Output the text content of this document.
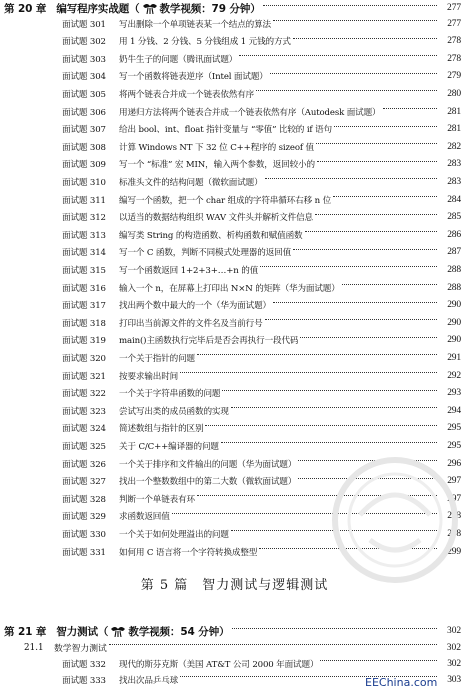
第 20 章 编写程序实战题（ 教学视频：79 分钟）	277
面试题 301	写出删除一个单项链表某一个结点的算法	277
面试题 302	用 1 分钱、2 分钱、5 分钱组成 1 元钱的方式	278
面试题 303	奶牛生子的问题（腾讯面试题）	278
面试题 304	写一个函数将链表逆序（Intel 面试题）	279
面试题 305	将两个链表合并成一个链表依然有序	280
面试题 306	用递归方法将两个链表合并成一个链表依然有序（Autodesk 面试题）	281
面试题 307	给出 bool、int、float 指针变量与 “零值” 比较的 if 语句	281
面试题 308	计算 Windows NT 下 32 位 C++程序的 sizeof 值	282
面试题 309	写一个 “标准” 宏 MIN，输入两个参数，返回较小的	283
面试题 310	标准头文件的结构问题（微软面试题）	283
面试题 311	编写一个函数，把一个 char 组成的字符串循环右移 n 位	284
面试题 312	以适当的数据结构组织 WAV 文件头并解析文件信息	285
面试题 313	编写类 String 的构造函数、析构函数和赋值函数	286
面试题 314	写一个 C 函数，判断不同模式处理器的返回值	287
面试题 315	写一个函数返回 1+2+3+…+n 的值	288
面试题 316	输入一个 n，在屏幕上打印出 N×N 的矩阵（华为面试题）	288
面试题 317	找出两个数中最大的一个（华为面试题）	290
面试题 318	打印出当前源文件的文件名及当前行号	290
面试题 319	main()主函数执行完毕后是否会再执行一段代码	290
面试题 320	一个关于指针的问题	291
面试题 321	按要求输出时间	292
面试题 322	一个关于字符串函数的问题	293
面试题 323	尝试写出类的成员函数的实现	294
面试题 324	简述数组与指针的区别	295
面试题 325	关于 C/C++编译器的问题	295
面试题 326	一个关于排序和文件输出的问题（华为面试题）	296
面试题 327	找出一个整数数组中的第二大数（微软面试题）	297
面试题 328	判断一个单链表有环	297
面试题 329	求函数返回值	298
面试题 330	一个关于如何处理溢出的问题	298
面试题 331	如何用 C 语言将一个字符转换成整型	299
第 5 篇 智力测试与逻辑测试
第 21 章 智力测试（ 教学视频：54 分钟）	302
21.1	数学智力测试	302
面试题 332	现代的斯芬克斯（美国 AT&T 公司 2000 年面试题）	302
面试题 333	找出次品乒乓球	303
EEChina.com
